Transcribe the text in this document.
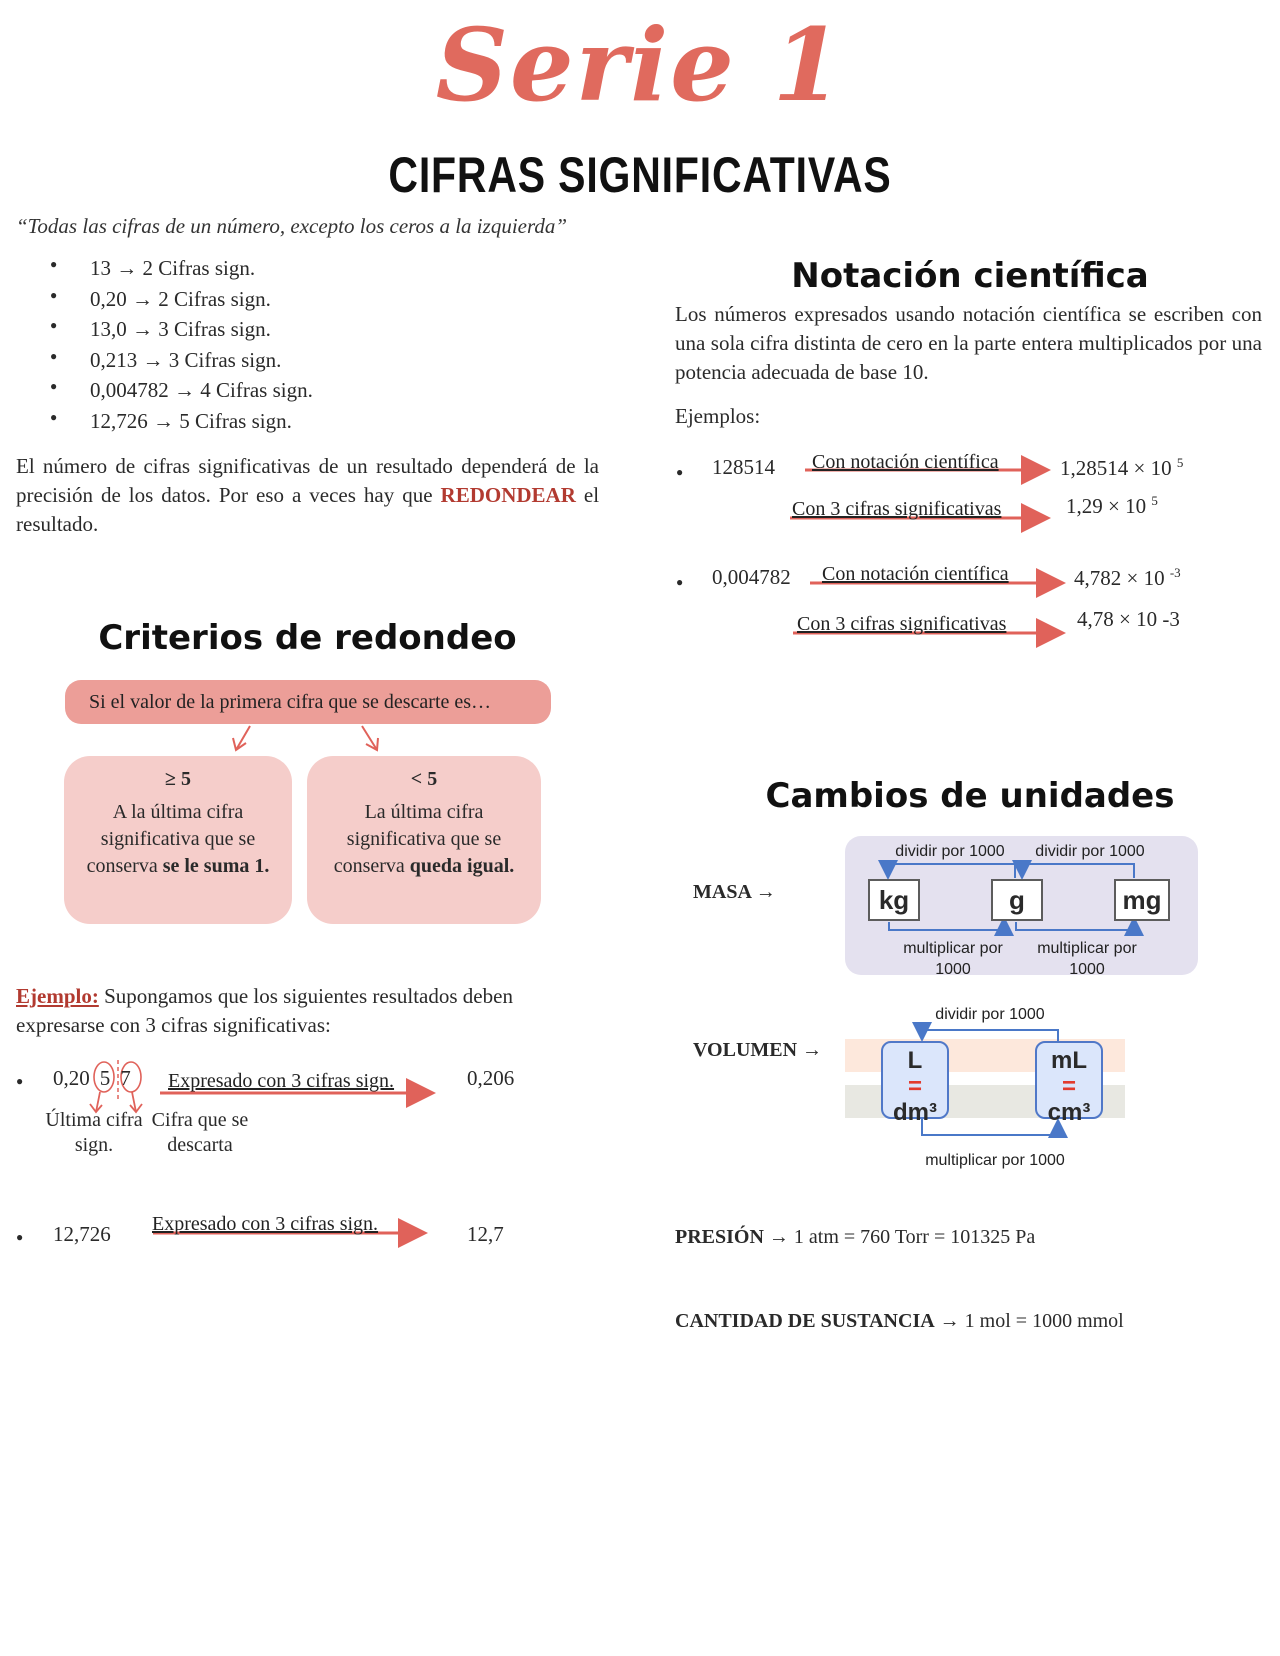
Serie 1
CIFRAS SIGNIFICATIVAS
“Todas las cifras de un número, excepto los ceros a la izquierda”
● 13 → 2 Cifras sign.
● 0,20 → 2 Cifras sign.
● 13,0 → 3 Cifras sign.
● 0,213 → 3 Cifras sign.
● 0,004782 → 4 Cifras sign.
● 12,726 → 5 Cifras sign.
El número de cifras significativas de un resultado dependerá de la precisión de los datos. Por eso a veces hay que REDONDEAR el resultado.
Criterios de redondeo
Si el valor de la primera cifra que se descarte es…
≥ 5
A la última cifra significativa que se conserva se le suma 1.
< 5
La última cifra significativa que se conserva queda igual.
Ejemplo: Supongamos que los siguientes resultados deben expresarse con 3 cifras significativas:
● 0,20 5 7 Expresado con 3 cifras sign.	0,206
Última cifra sign.
Cifra que se descarta
● 12,726 Expresado con 3 cifras sign.	12,7
Notación científica
Los números expresados usando notación científica se escriben con una sola cifra distinta de cero en la parte entera multiplicados por una potencia adecuada de base 10.
Ejemplos:
● 128514 Con notación científica	1,28514 × 10 $^5$
Con 3 cifras significativas	1,29 × 10 $^5$
● 0,004782 Con notación científica	4,782 × 10 $^{-3}$
Con 3 cifras significativas	4,78 × 10 -3
Cambios de unidades
MASA →
dividir por 1000	dividir por 1000
kg	g	mg
multiplicar por 1000
multiplicar por 1000
VOLUMEN →
dividir por 1000
L
=
dm³
mL
=
cm³
multiplicar por 1000
PRESIÓN → 1 atm = 760 Torr = 101325 Pa
CANTIDAD DE SUSTANCIA → 1 mol = 1000 mmol
